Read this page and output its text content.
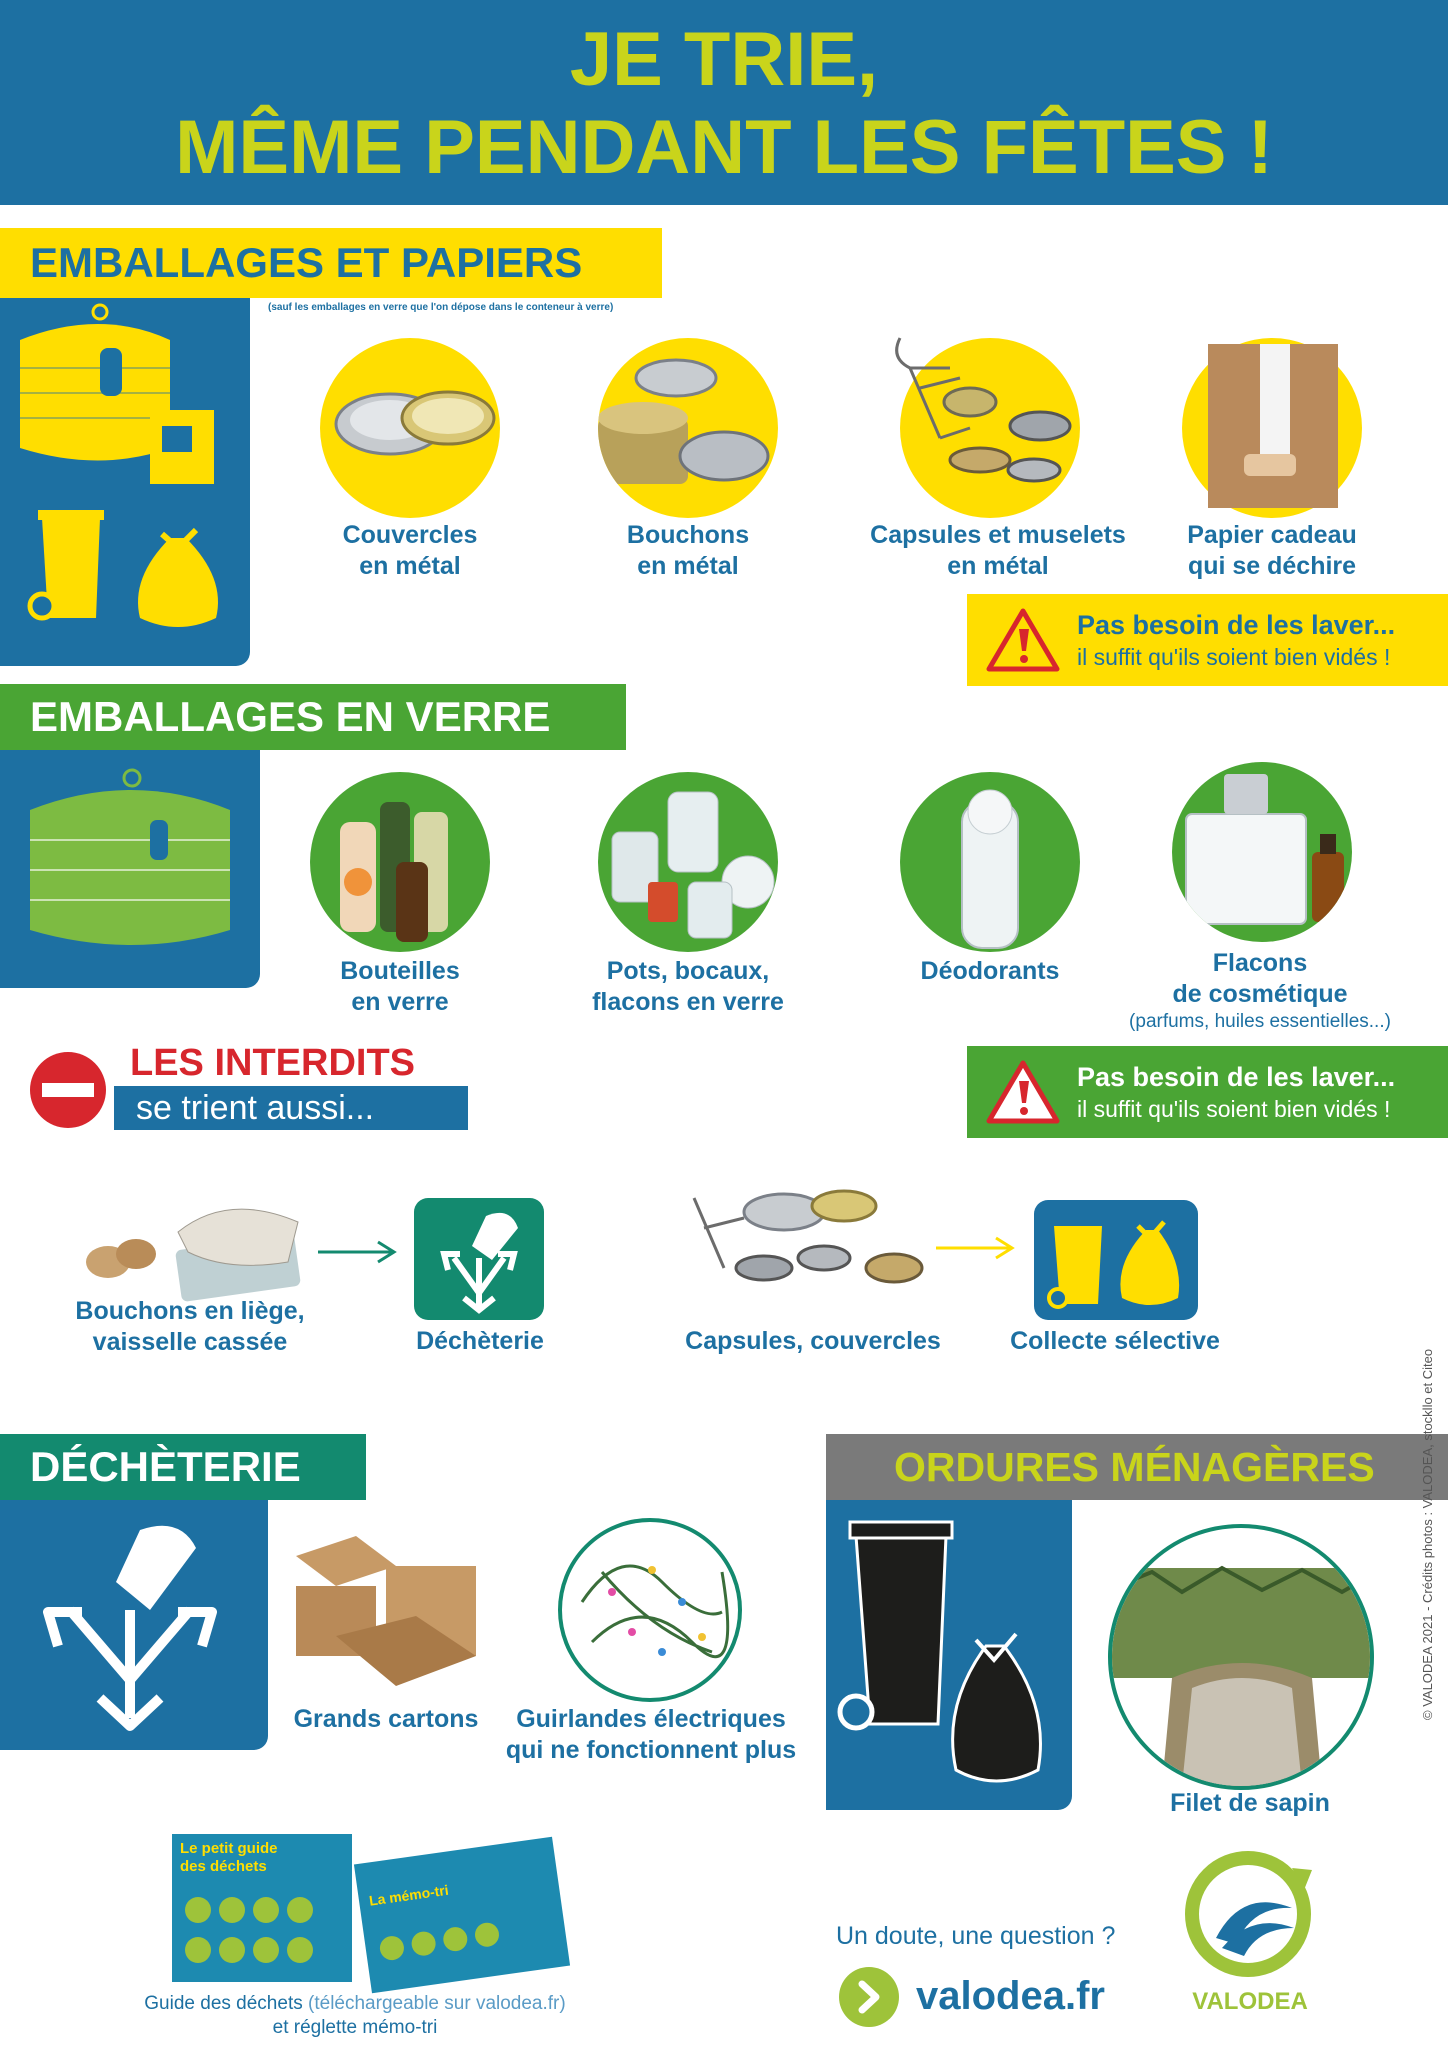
JE TRIE,
MÊME PENDANT LES FÊTES !
EMBALLAGES ET PAPIERS
(sauf les emballages en verre que l'on dépose dans le conteneur à verre)
Couvercles
en métal
Bouchons
en métal
Capsules et muselets
en métal
Papier cadeau
qui se déchire
Pas besoin de les laver...
il suffit qu'ils soient bien vidés !
EMBALLAGES EN VERRE
Bouteilles
en verre
Pots, bocaux,
flacons en verre
Déodorants	Flacons
de cosmétique
(parfums, huiles essentielles...)
Pas besoin de les laver...
il suffit qu'ils soient bien vidés !
LES INTERDITS
se trient aussi...
Bouchons en liège,
vaisselle cassée	Déchèterie	Capsules, couvercles	Collecte sélective
DÉCHÈTERIE
Grands cartons	Guirlandes électriques
qui ne fonctionnent plus
ORDURES MÉNAGÈRES
Filet de sapin
Le petit guide
des déchets
La mémo-tri
Guide des déchets (téléchargeable sur valodea.fr)
et réglette mémo-tri
Un doute, une question ?
valodea.fr	VALODEA
© VALODEA 2021 - Crédits photos : VALODEA, stockllo et Citeo
